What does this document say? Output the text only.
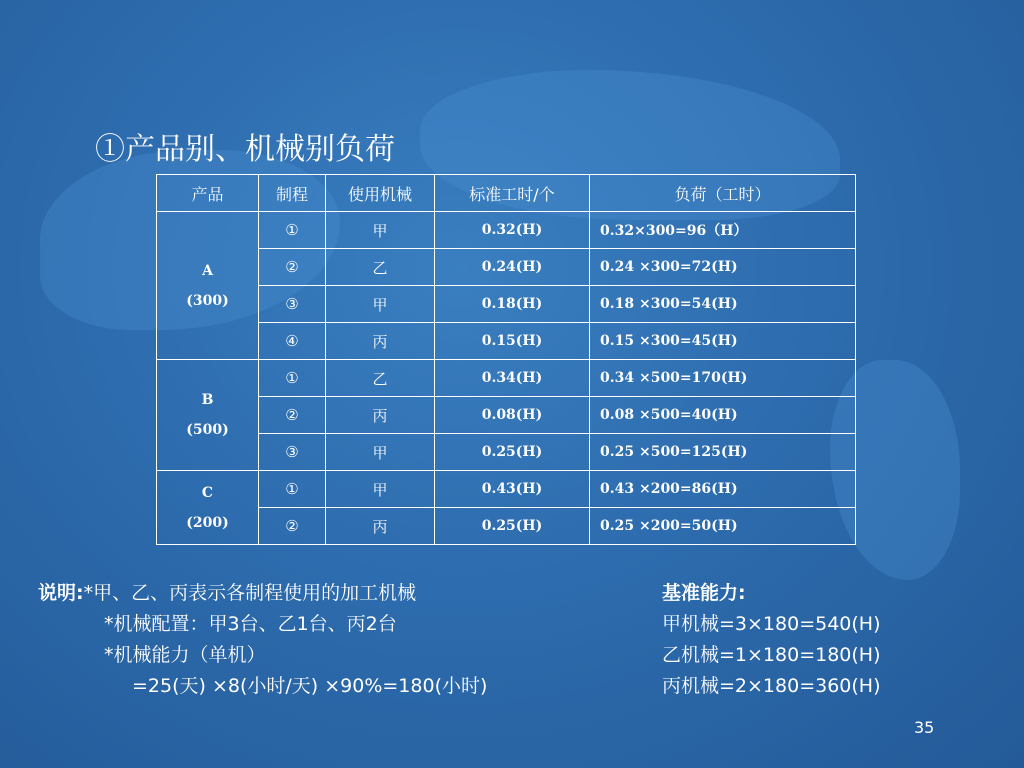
①产品别、机械别负荷
产品	制程	使用机械	标准工时/个	负荷（工时）

A
(300)	①	甲	0.32(H)	0.32×300=96（H）
	②	乙	0.24(H)	0.24 ×300=72(H)
	③	甲	0.18(H)	0.18 ×300=54(H)
	④	丙	0.15(H)	0.15 ×300=45(H)

B
(500)	①	乙	0.34(H)	0.34 ×500=170(H)
	②	丙	0.08(H)	0.08 ×500=40(H)
	③	甲	0.25(H)	0.25 ×500=125(H)

C
(200)	①	甲	0.43(H)	0.43 ×200=86(H)
	②	丙	0.25(H)	0.25 ×200=50(H)
说明:*甲、乙、丙表示各制程使用的加工机械
*机械配置：甲3台、乙1台、丙2台
*机械能力（单机）
=25(天) ×8(小时/天) ×90%=180(小时)
基准能力:
甲机械=3×180=540(H)
乙机械=1×180=180(H)
丙机械=2×180=360(H)
35
